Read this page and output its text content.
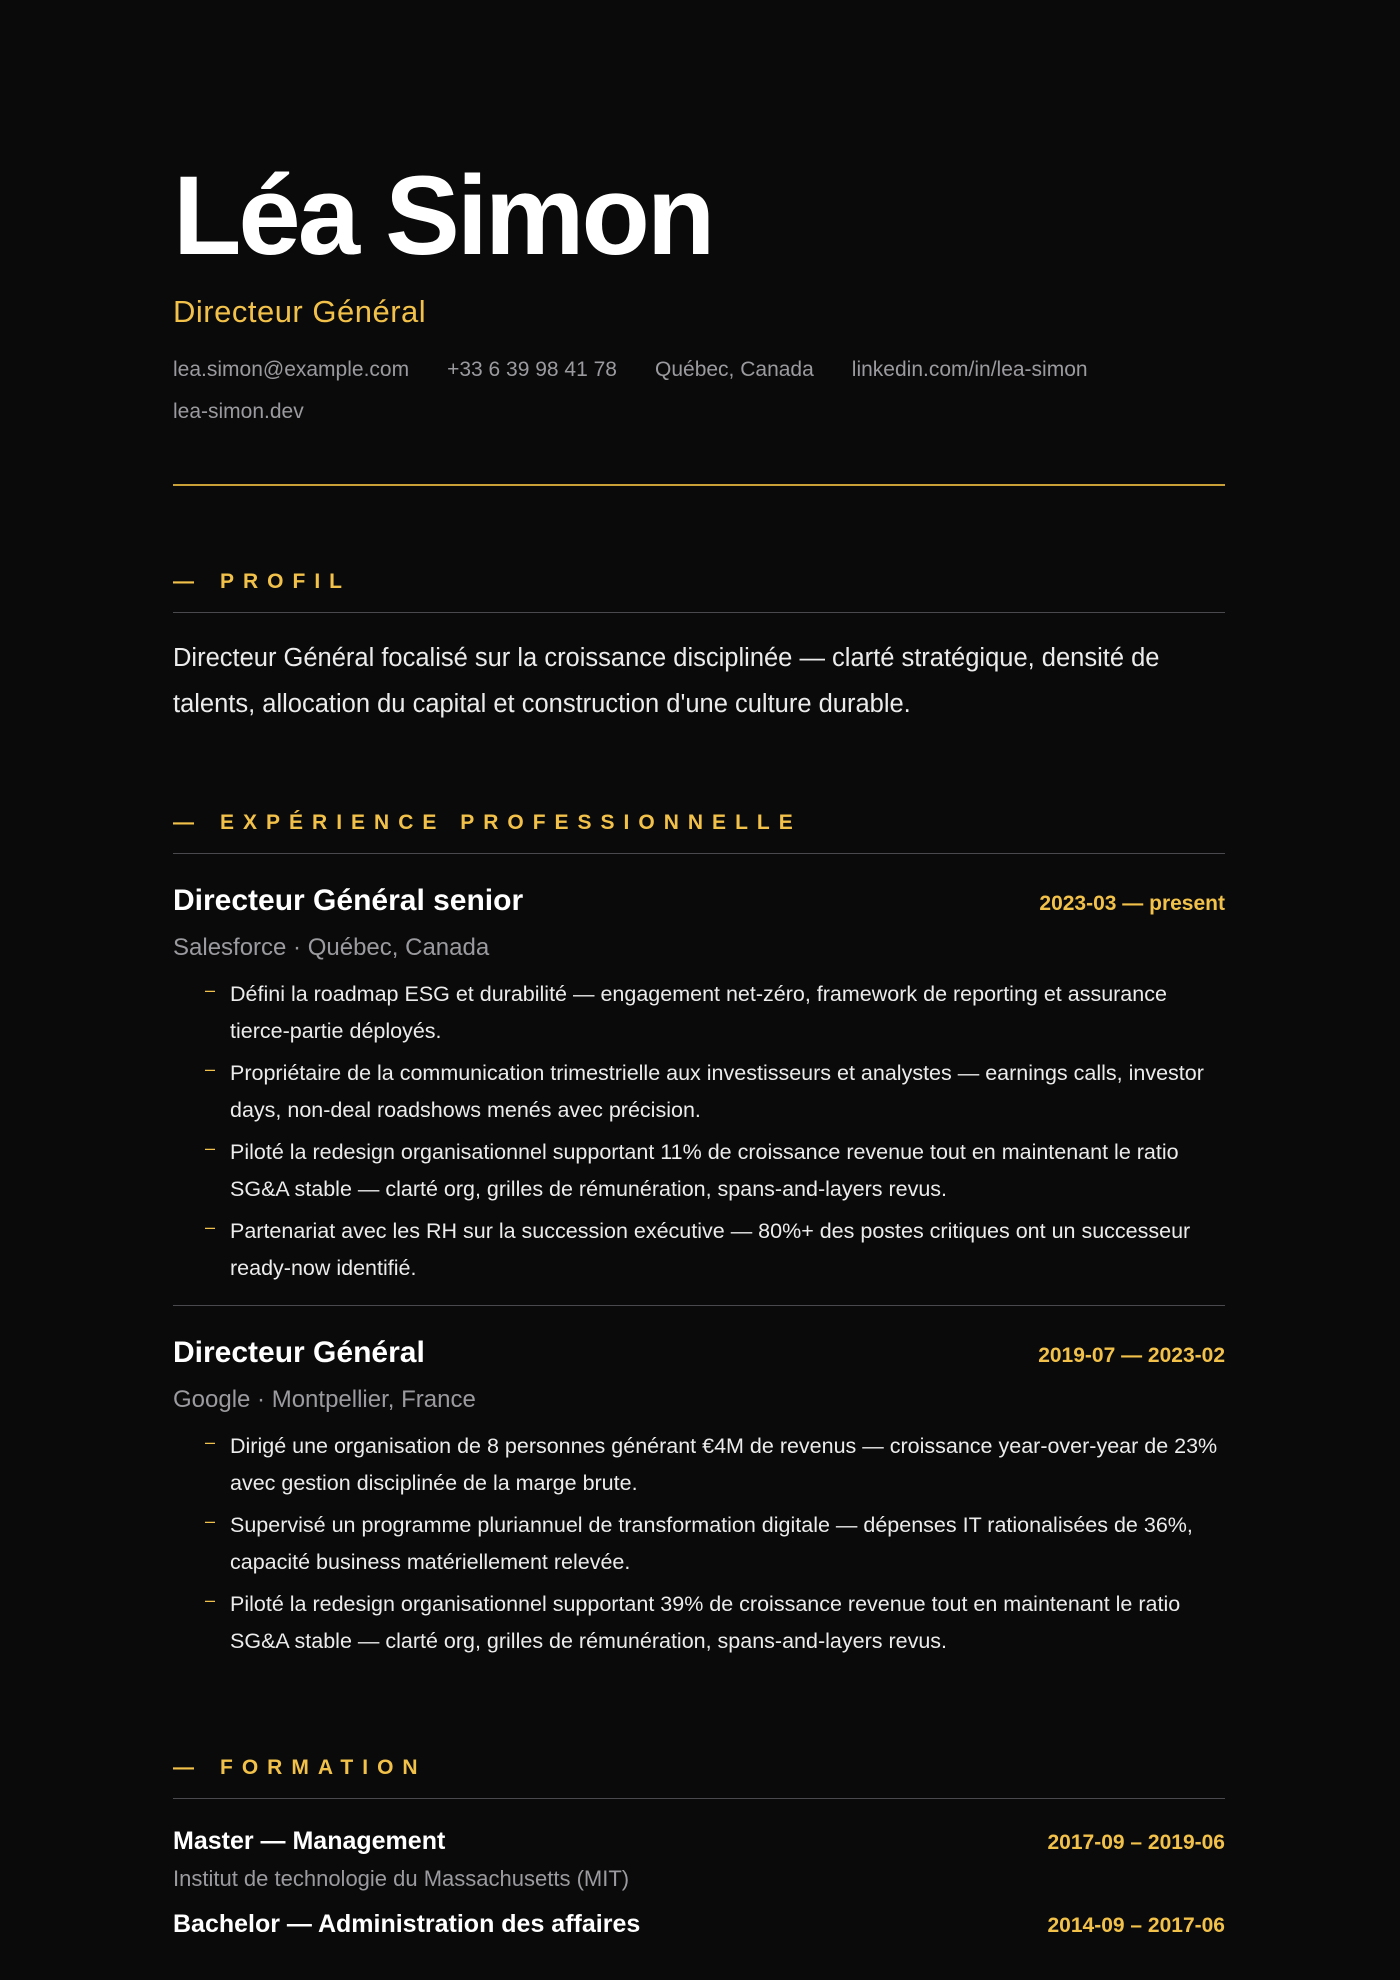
Léa Simon
Directeur Général
lea.simon@example.com +33 6 39 98 41 78 Québec, Canada linkedin.com/in/lea-simon
lea-simon.dev
— PROFIL

Directeur Général focalisé sur la croissance disciplinée — clarté stratégique, densité de talents, allocation du capital et construction d'une culture durable.

— EXPÉRIENCE PROFESSIONNELLE
Directeur Général senior	2023-03 — present
Salesforce · Québec, Canada
– Défini la roadmap ESG et durabilité — engagement net-zéro, framework de reporting et assurance tierce-partie déployés.
– Propriétaire de la communication trimestrielle aux investisseurs et analystes — earnings calls, investor days, non-deal roadshows menés avec précision.
– Piloté la redesign organisationnel supportant 11% de croissance revenue tout en maintenant le ratio SG&A stable — clarté org, grilles de rémunération, spans-and-layers revus.
– Partenariat avec les RH sur la succession exécutive — 80%+ des postes critiques ont un successeur ready-now identifié.
Directeur Général	2019-07 — 2023-02
Google · Montpellier, France
– Dirigé une organisation de 8 personnes générant €4M de revenus — croissance year-over-year de 23% avec gestion disciplinée de la marge brute.
– Supervisé un programme pluriannuel de transformation digitale — dépenses IT rationalisées de 36%, capacité business matériellement relevée.
– Piloté la redesign organisationnel supportant 39% de croissance revenue tout en maintenant le ratio SG&A stable — clarté org, grilles de rémunération, spans-and-layers revus.
— FORMATION
Master — Management	2017-09 – 2019-06
Institut de technologie du Massachusetts (MIT)
Bachelor — Administration des affaires	2014-09 – 2017-06
